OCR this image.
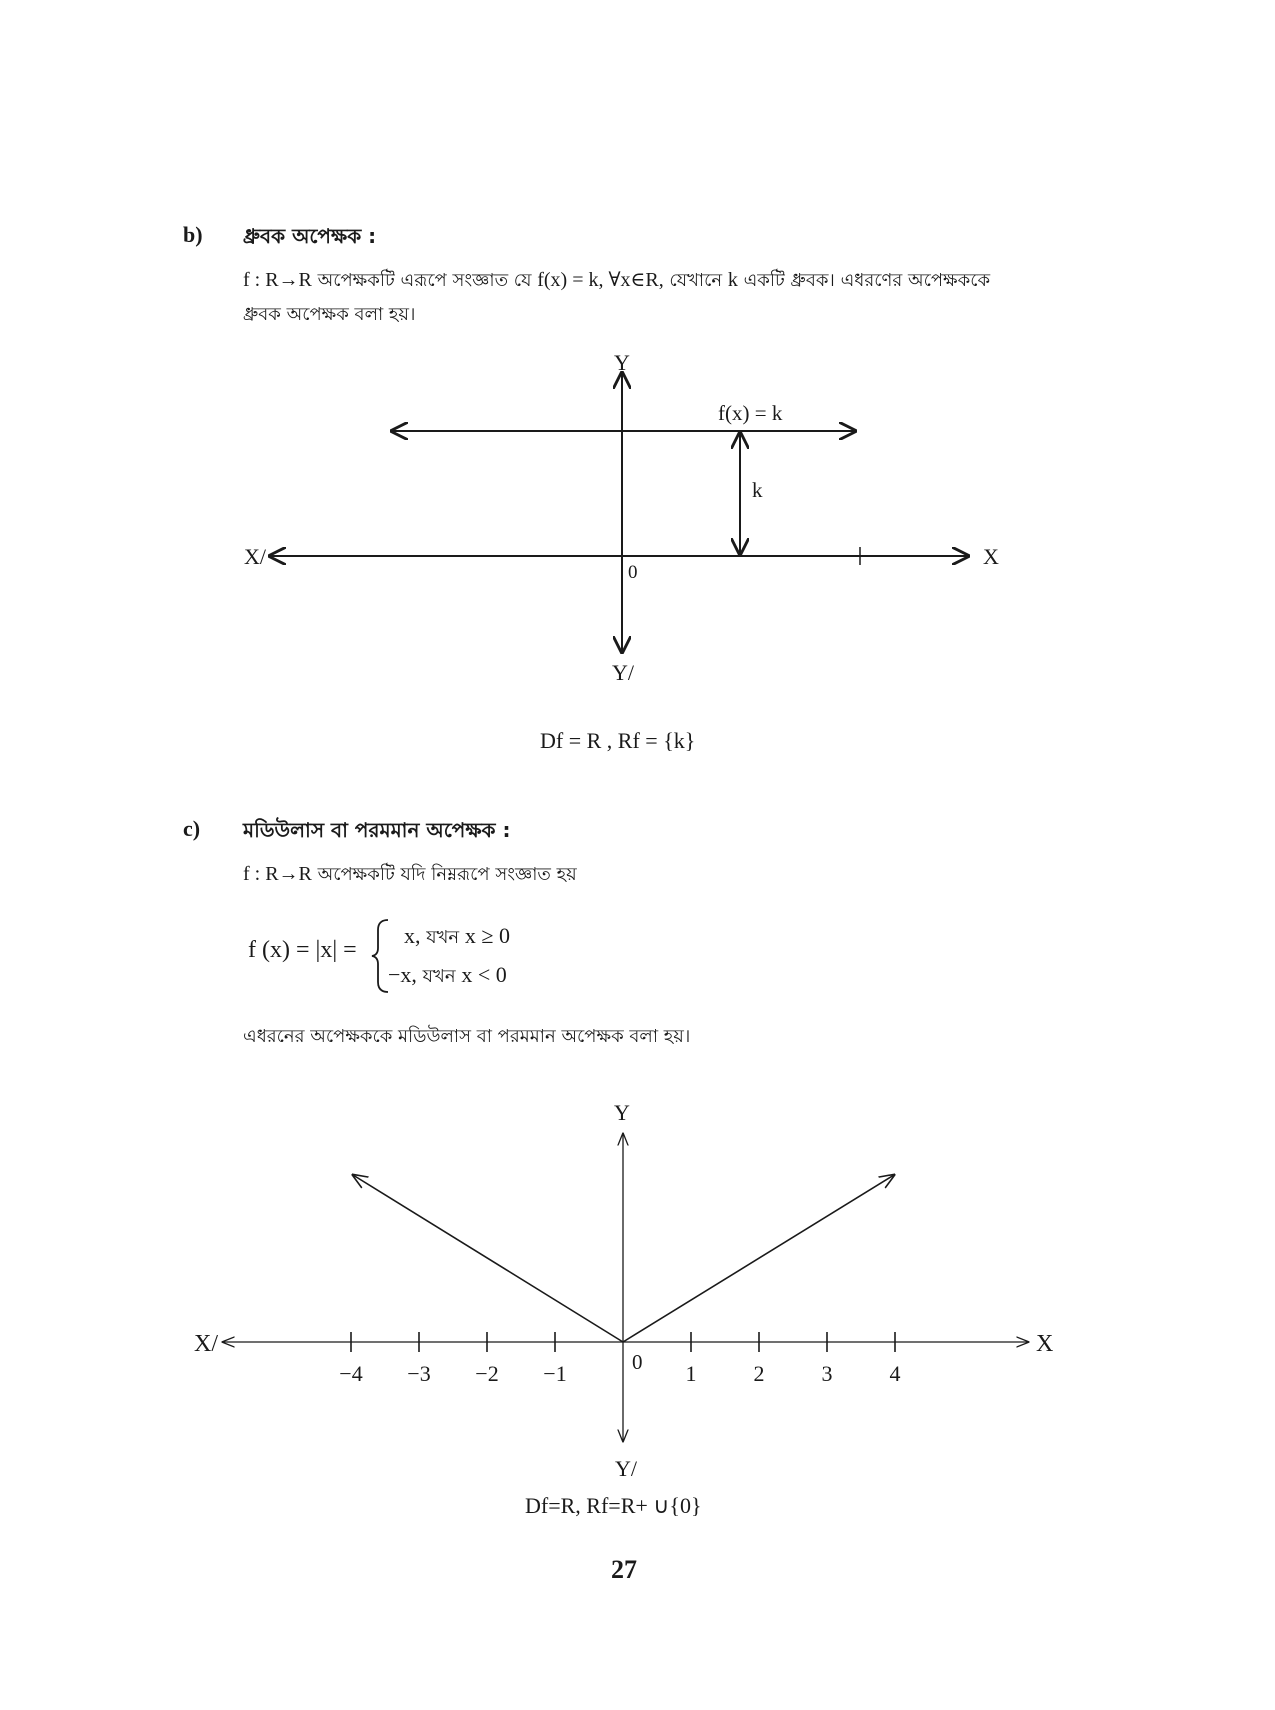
b) ধ্রুবক অপেক্ষক :
f : R→R অপেক্ষকটি এরূপে সংজ্ঞাত যে f(x) = k, ∀x∈R, যেখানে k একটি ধ্রুবক। এধরণের অপেক্ষককে
ধ্রুবক অপেক্ষক বলা হয়।
Y
Y/
X
X/
0
f(x) = k
k
−4 −3 −2 −1	1	2	3	4
Y
Y/
X
X/
0
Df = R , Rf = {k}
c) মডিউলাস বা পরমমান অপেক্ষক :
f : R→R অপেক্ষকটি যদি নিম্নরূপে সংজ্ঞাত হয়
f (x) = |x| =
x, যখন x ≥ 0
−x, যখন x < 0
এধরনের অপেক্ষককে মডিউলাস বা পরমমান অপেক্ষক বলা হয়।
Df=R, Rf=R+ ∪{0}
27
